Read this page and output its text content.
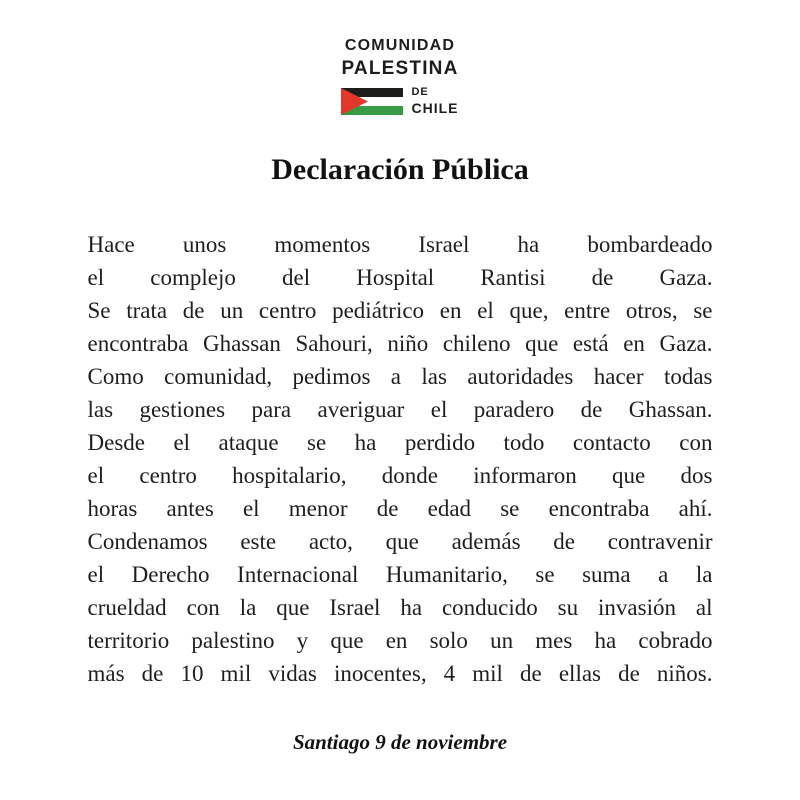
COMUNIDAD
PALESTINA
DE
CHILE
Declaración Pública
Hace unos momentos Israel ha bombardeado
el complejo del Hospital Rantisi de Gaza.
Se trata de un centro pediátrico en el que, entre otros, se
encontraba Ghassan Sahouri, niño chileno que está en Gaza.
Como comunidad, pedimos a las autoridades hacer todas
las gestiones para averiguar el paradero de Ghassan.
Desde el ataque se ha perdido todo contacto con
el centro hospitalario, donde informaron que dos
horas antes el menor de edad se encontraba ahí.
Condenamos este acto, que además de contravenir
el Derecho Internacional Humanitario, se suma a la
crueldad con la que Israel ha conducido su invasión al
territorio palestino y que en solo un mes ha cobrado
más de 10 mil vidas inocentes, 4 mil de ellas de niños.
Santiago 9 de noviembre
